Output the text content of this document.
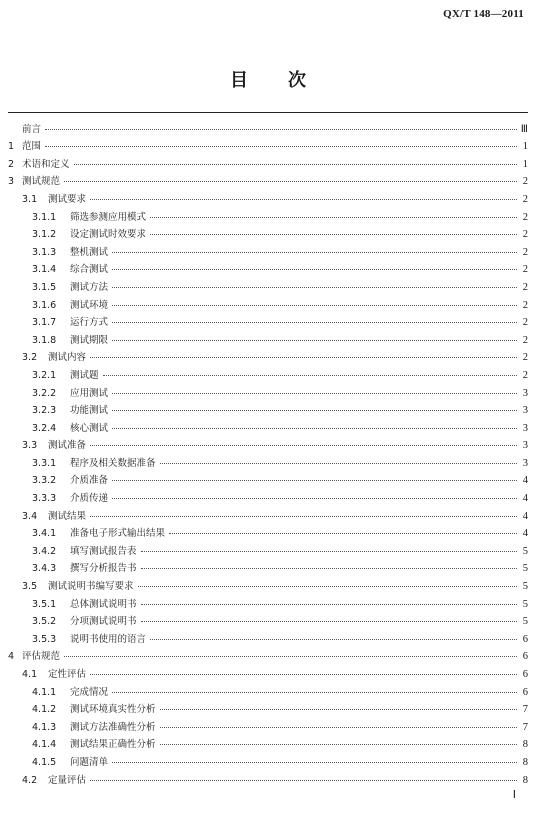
QX/T 148—2011
目 次
前言	Ⅲ
1 范围	1
2 术语和定义	1
3 测试规范	2
3.1	测试要求	2
3.1.1	筛选参测应用模式	2
3.1.2	设定测试时效要求	2
3.1.3	整机测试	2
3.1.4	综合测试	2
3.1.5	测试方法	2
3.1.6	测试环境	2
3.1.7	运行方式	2
3.1.8	测试期限	2
3.2	测试内容	2
3.2.1	测试题	2
3.2.2	应用测试	3
3.2.3	功能测试	3
3.2.4	核心测试	3
3.3	测试准备	3
3.3.1	程序及相关数据准备	3
3.3.2	介质准备	4
3.3.3	介质传递	4
3.4	测试结果	4
3.4.1	准备电子形式输出结果	4
3.4.2	填写测试报告表	5
3.4.3	撰写分析报告书	5
3.5	测试说明书编写要求	5
3.5.1	总体测试说明书	5
3.5.2	分项测试说明书	5
3.5.3	说明书使用的语言	6
4 评估规范	6
4.1	定性评估	6
4.1.1	完成情况	6
4.1.2	测试环境真实性分析	7
4.1.3	测试方法准确性分析	7
4.1.4	测试结果正确性分析	8
4.1.5	问题清单	8
4.2	定量评估	8
Ⅰ
